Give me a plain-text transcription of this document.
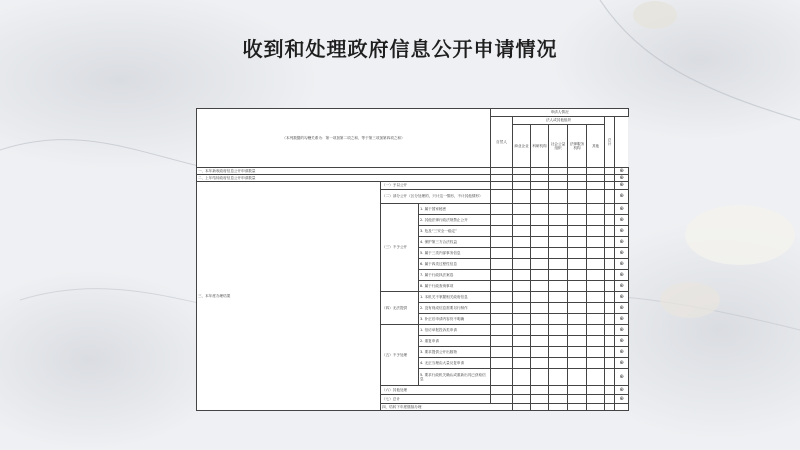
收到和处理政府信息公开申请情况
（本列数据的勾稽关系为：第一项加第二项之和，等于第三项加第四项之和）			申请人情况								
			自然人	法人或其他组织					总计		
				商业企业	科研机构	社会公益组织	法律服务机构	其他			
一、本年新收政府信息公开申请数量								⊕
二、上年结转政府信息公开申请数量								⊕
三、本年度办理结果	（一）予以公开								⊕
	（二）部分公开（区分处理的，只计这一情形，不计其他情形）								⊕
	（三）不予公开	1. 属于国家秘密								⊕
		2. 其他法律行政法规禁止公开								⊕
		3. 危及“三安全一稳定”								⊕
		4. 保护第三方合法权益								⊕
		5. 属于三类内部事务信息								⊕
		6. 属于四类过程性信息								⊕
		7. 属于行政执法案卷								⊕
		8. 属于行政查询事项								⊕
	（四）无法提供	1. 本机关不掌握相关政府信息								⊕
		2. 没有现成信息需要另行制作								⊕
		3. 补正后申请内容仍不明确								⊕
	（五）不予处理	1. 信访举报投诉类申请								⊕
		2. 重复申请								⊕
		3. 要求提供公开出版物								⊕
		4. 无正当理由大量反复申请								⊕
		5. 要求行政机关确认或重新出具已获取信息								⊕
	（六）其他处理								⊕
	（七）总计								⊕
	四、结转下年度继续办理										
